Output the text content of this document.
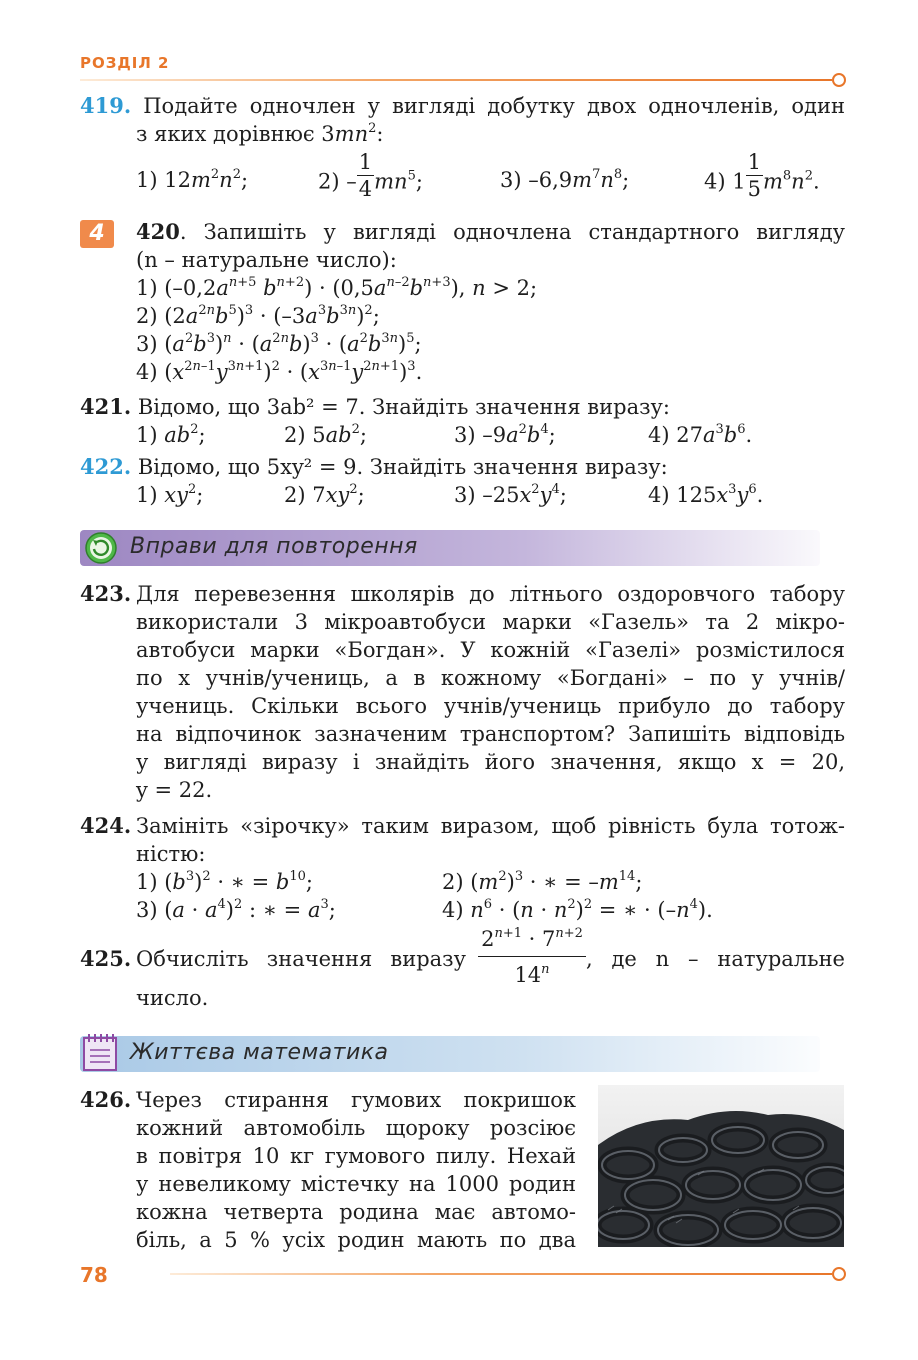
РОЗДІЛ 2
419. Подайте одночлен у вигляді добутку двох одночленів, один
з яких дорівнює $3mn^2$:
1) $12m^2n^2$;	$2) - \frac{1}{4} mn^5$;	3) $-6,9m^7n^8$;	4) $1 \frac{1}{5} m^8n^2$.
4	420. Запишіть у вигляді одночлена стандартного вигляду
(n – натуральне число):
1) ($-0,2a^{n+5}$ $b^{n+2}) \cdot (0,5a^{n-2}b^{n+3})$, n > 2;
2) $(2a^{2n}b^5)^3 \cdot (-3a^3b^{3n})^2$;
3) $(a^2b^3)^n \cdot (a^{2n}b)^3 \cdot (a^2b^{3n})^5$;
4) $(x^{2n-1}y^{3n+1})^2 \cdot (x^{3n-1}y^{2n+1})^3$.
421. Відомо, що 3ab² = 7. Знайдіть значення виразу:
1) $ab^2$;	2) $5ab^2$;	3) $-9a^2b^4$;	4) $27a^3b^6$.
422. Відомо, що 5xy² = 9. Знайдіть значення виразу:
1) $xy^2$;	2) $7xy^2$;	3) $-25x^2y^4$;	4) $125x^3y^6$.
Вправи для повторення
423. Для перевезення школярів до літнього оздоровчого табору
використали 3 мікроавтобуси марки «Газель» та 2 мікро-
автобуси марки «Богдан». У кожній «Газелі» розмістилося
по x учнів/учениць, а в кожному «Богдані» – по y учнів/
учениць. Скільки всього учнів/учениць прибуло до табору
на відпочинок зазначеним транспортом? Запишіть відповідь
у вигляді виразу і знайдіть його значення, якщо x = 20,
y = 22.
424. Замініть «зірочку» таким виразом, щоб рівність була тотож-
ністю:
1) $(b^3)^2$ · ∗ = $b^{10}$;	2) $(m^2)^3$ · ∗ = $-m^{14}$;
3) $(a \cdot a^4)^2$ : ∗ = $a^3$;	4) $n^6 \cdot (n \cdot n^2)^2$ = ∗ · $(-n^4)$.
425. Обчисліть значення виразу
$2^{n+1} \cdot 7^{n+2}$
14$^n$	, де n – натуральне
число.
Життєва математика
426. Через стирання гумових покришок
кожний автомобіль щороку розсіює
в повітря 10 кг гумового пилу. Нехай
у невеликому містечку на 1000 родин
кожна четверта родина має автомо-
біль, а 5 % усіх родин мають по два
78
